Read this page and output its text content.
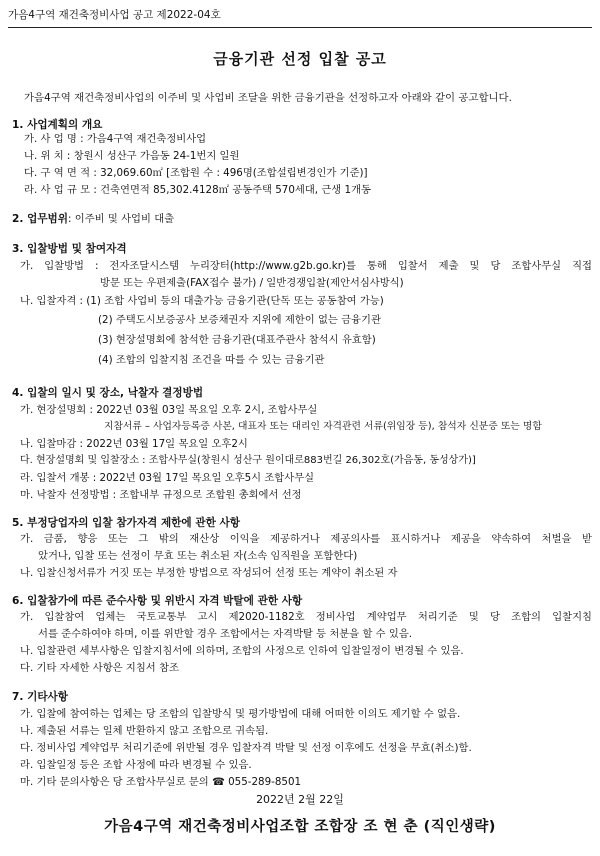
가음4구역 재건축정비사업 공고 제2022-04호
금융기관 선정 입찰 공고
가음4구역 재건축정비사업의 이주비 및 사업비 조달을 위한 금융기관을 선정하고자 아래와 같이 공고합니다.
1. 사업계획의 개요
가. 사 업 명 : 가음4구역 재건축정비사업
나. 위 치 : 창원시 성산구 가음동 24-1번지 일원
다. 구 역 면 적 : 32,069.60㎡ [조합원 수 : 496명(조합설립변경인가 기준)]
라. 사 업 규 모 : 건축연면적 85,302.4128㎡ 공동주택 570세대, 근생 1개동
2. 업무범위: 이주비 및 사업비 대출
3. 입찰방법 및 참여자격
가. 입찰방법 : 전자조달시스템 누리장터(http://www.g2b.go.kr)를 통해 입찰서 제출 및 당 조합사무실 직접
방문 또는 우편제출(FAX접수 불가) / 일반경쟁입찰(제안서심사방식)
나. 입찰자격 : (1) 조합 사업비 등의 대출가능 금융기관(단독 또는 공동참여 가능)
(2) 주택도시보증공사 보증채권자 지위에 제한이 없는 금융기관
(3) 현장설명회에 참석한 금융기관(대표주관사 참석시 유효함)
(4) 조합의 입찰지침 조건을 따를 수 있는 금융기관
4. 입찰의 일시 및 장소, 낙찰자 결정방법
가. 현장설명회 : 2022년 03월 03일 목요일 오후 2시, 조합사무실
지참서류 – 사업자등록증 사본, 대표자 또는 대리인 자격관련 서류(위임장 등), 참석자 신분증 또는 명함
나. 입찰마감 : 2022년 03월 17일 목요일 오후2시
다. 현장설명회 및 입찰장소 : 조합사무실(창원시 성산구 원이대로883번길 26,302호(가음동, 동성상가)]
라. 입찰서 개봉 : 2022년 03월 17일 목요일 오후5시 조합사무실
마. 낙찰자 선정방법 : 조합내부 규정으로 조합원 총회에서 선정
5. 부정당업자의 입찰 참가자격 제한에 관한 사항
가. 금품, 향응 또는 그 밖의 재산상 이익을 제공하거나 제공의사를 표시하거나 제공을 약속하여 처벌을 받
았거나, 입찰 또는 선정이 무효 또는 취소된 자(소속 임직원을 포함한다)
나. 입찰신청서류가 거짓 또는 부정한 방법으로 작성되어 선정 또는 계약이 취소된 자
6. 입찰참가에 따른 준수사항 및 위반시 자격 박탈에 관한 사항
가. 입찰참여 업체는 국토교통부 고시 제2020-1182호 정비사업 계약업무 처리기준 및 당 조합의 입찰지침
서를 준수하여야 하며, 이를 위반할 경우 조합에서는 자격박탈 등 처분을 할 수 있음.
나. 입찰관련 세부사항은 입찰지침서에 의하며, 조합의 사정으로 인하여 입찰일정이 변경될 수 있음.
다. 기타 자세한 사항은 지침서 참조
7. 기타사항
가. 입찰에 참여하는 업체는 당 조합의 입찰방식 및 평가방법에 대해 어떠한 이의도 제기할 수 없음.
나. 제출된 서류는 일체 반환하지 않고 조합으로 귀속됨.
다. 정비사업 계약업무 처리기준에 위반될 경우 입찰자격 박탈 및 선정 이후에도 선정을 무효(취소)함.
라. 입찰일정 등은 조합 사정에 따라 변경될 수 있음.
마. 기타 문의사항은 당 조합사무실로 문의 ☎ 055-289-8501
2022년 2월 22일
가음4구역 재건축정비사업조합 조합장 조 현 춘 (직인생략)
